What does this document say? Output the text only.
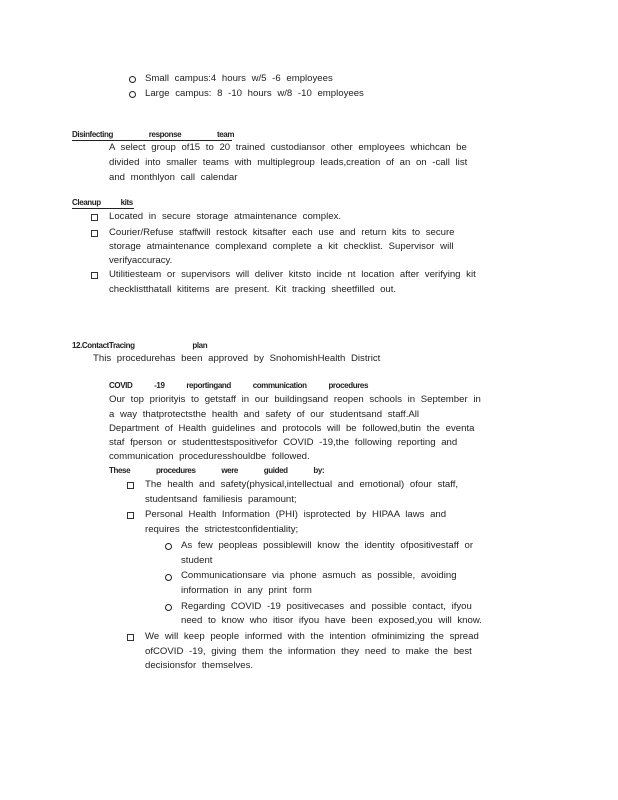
Small campus:4 hours w/5 -6 employees
Large campus: 8 -10 hours w/8 -10 employees
Disinfecting response team
A select group of15 to 20 trained custodiansor other employees whichcan be
divided into smaller teams with multiplegroup leads,creation of an on -call list
and monthlyon call calendar
Cleanup kits
Located in secure storage atmaintenance complex.
Courier/Refuse staffwill restock kitsafter each use and return kits to secure
storage atmaintenance complexand complete a kit checklist. Supervisor will
verifyaccuracy.
Utilitiesteam or supervisors will deliver kitsto incide nt location after verifying kit
checklistthatall kititems are present. Kit tracking sheetfilled out.
12.ContactTracing plan
This procedurehas been approved by SnohomishHealth District
COVID -19 reportingand communication procedures
Our top priorityis to getstaff in our buildingsand reopen schools in September in
a way thatprotectsthe health and safety of our studentsand staff.All
Department of Health guidelines and protocols will be followed,butin the eventa
staf fperson or studenttestspositivefor COVID -19,the following reporting and
communication proceduresshouldbe followed.
These procedures were guided by:
The health and safety(physical,intellectual and emotional) ofour staff,
studentsand familiesis paramount;
Personal Health Information (PHI) isprotected by HIPAA laws and
requires the strictestconfidentiality;
As few peopleas possiblewill know the identity ofpositivestaff or
student
Communicationsare via phone asmuch as possible, avoiding
information in any print form
Regarding COVID -19 positivecases and possible contact, ifyou
need to know who itisor ifyou have been exposed,you will know.
We will keep people informed with the intention ofminimizing the spread
ofCOVID -19, giving them the information they need to make the best
decisionsfor themselves.
